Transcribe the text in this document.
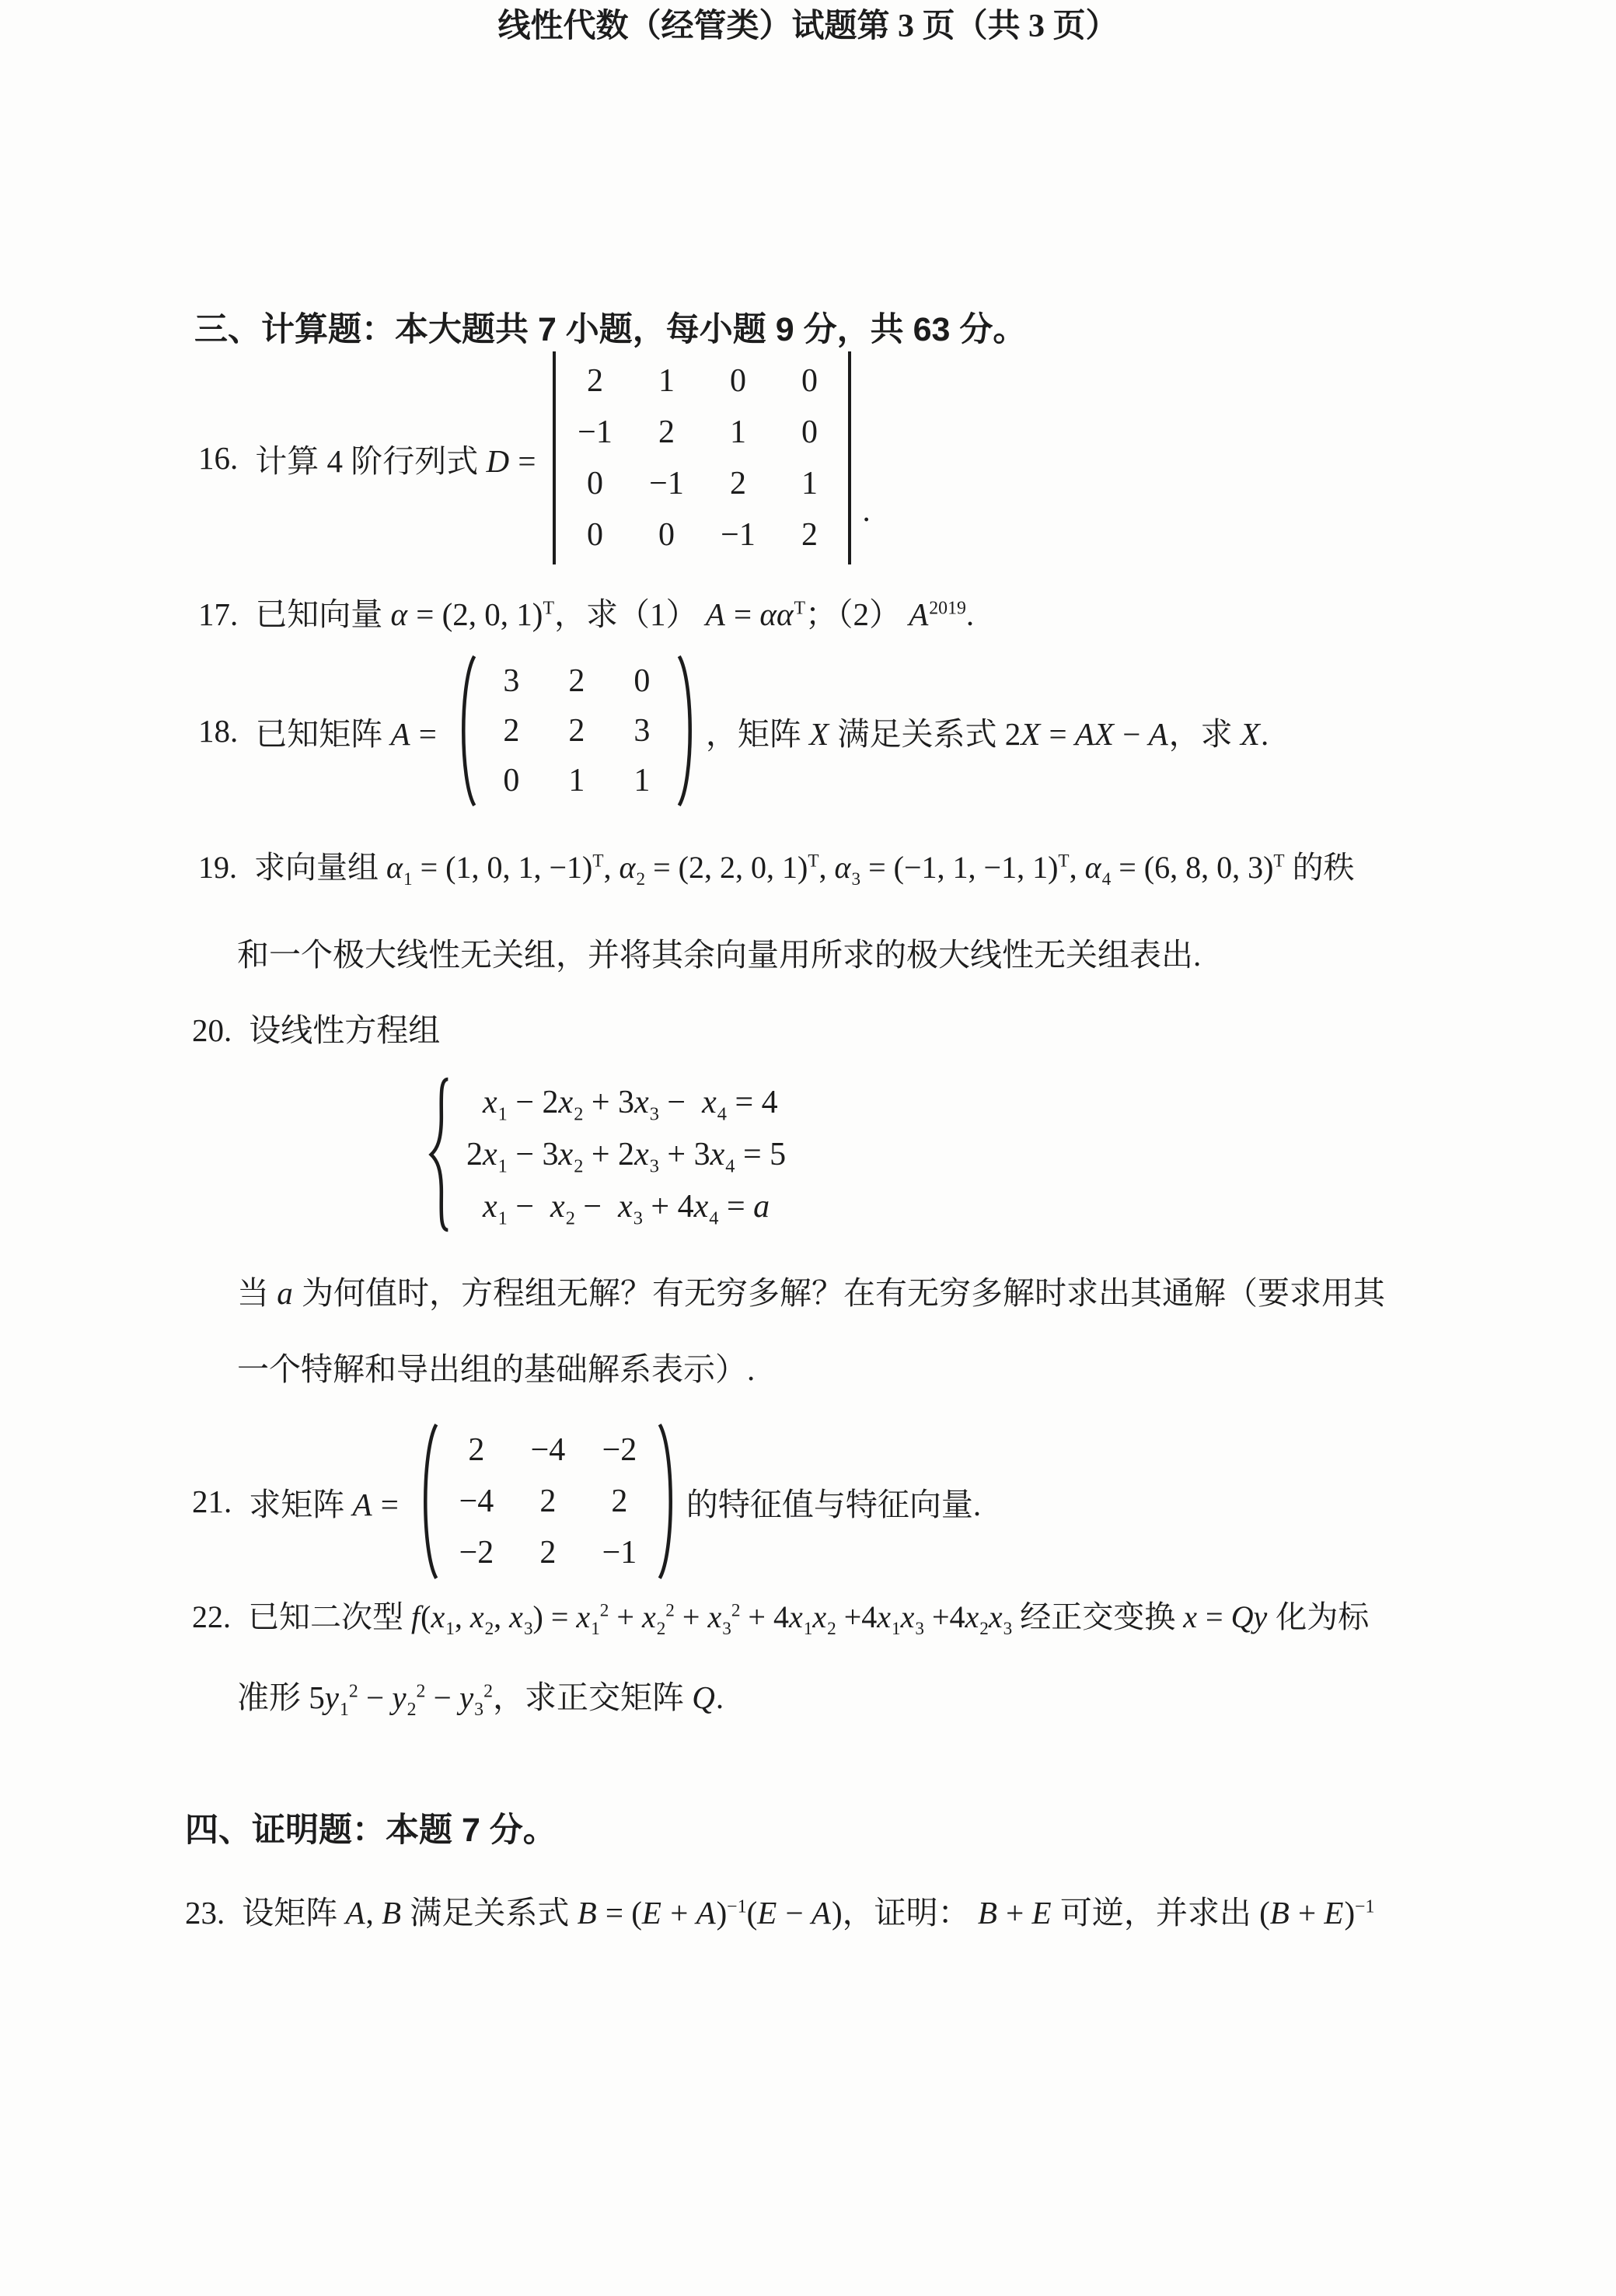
三、计算题：本大题共 7 小题，每小题 9 分，共 63 分。
16. 计算 4 阶行列式 D =
2	1	0	0
−1	2	1	0
0	−1	2	1
0	0	−1	2
.
17. 已知向量 α = (2, 0, 1)$^T$，求（1） $A = \alpha\alpha^T$；（2） $A^{2019}$.
18. 已知矩阵 A =
3	2	0
2	2	3
0	1	1
，矩阵 X 满足关系式 2X = AX − A，求 X.
19. 求向量组 $\alpha_1 = (1$, 0, 1, −1)$^T$, $\alpha_2 = (2$, 2, 0, 1)$^T$, $\alpha_3 = (-1$, 1, −1, 1)$^T$, $\alpha_4 = (6$, 8, 0, 3)$^T$ 的秩
和一个极大线性无关组，并将其余向量用所求的极大线性无关组表出.
20. 设线性方程组
$x_1 - 2x_2 + 3x_3 - x_4 = 4$
$2x_1 - 3x_2 + 2x_3 + 3x_4 = 5$
$x_1 - x_2 - x_3 + 4x_4 = a$
当 a 为何值时，方程组无解？有无穷多解？在有无穷多解时求出其通解（要求用其
一个特解和导出组的基础解系表示）.
21. 求矩阵 A =
2	−4	−2
−4	2	2
−2	2	−1
的特征值与特征向量.
22. 已知二次型 $f(x_1$, $x_2$, $x_3) = x_1^2 + x_2^2 + x_3^2 + 4x_1x_2 +4x_1x_3 +4x_2x_3$ 经正交变换 x = Qy 化为标
准形 $5y_1^2 - y_2^2 - y_3^2$，求正交矩阵 Q.
四、证明题：本题 7 分。
23. 设矩阵 A, B 满足关系式 $B = (E + A)^{-1}(E - A)$，证明： B + E 可逆，并求出 $(B + E)^{-1}$
线性代数（经管类）试题第 3 页（共 3 页）
